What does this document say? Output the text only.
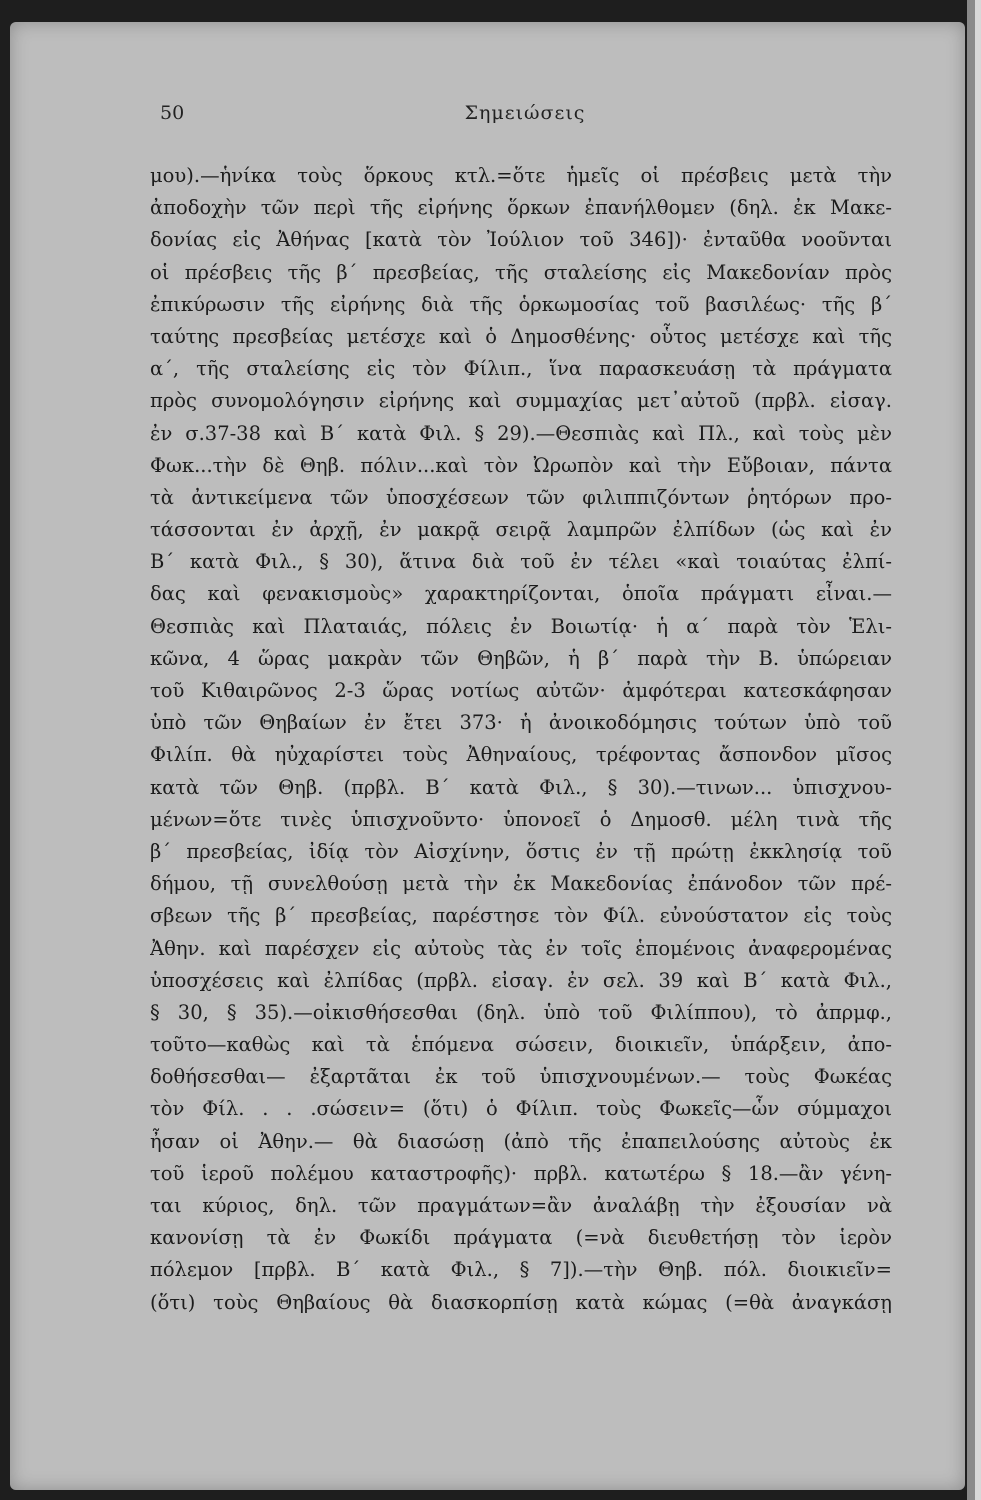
50	Σημειώσεις
μου).—ἡνίκα τοὺς ὅρκους κτλ.=ὅτε ἡμεῖς οἱ πρέσβεις μετὰ τὴν
ἀποδοχὴν τῶν περὶ τῆς εἰρήνης ὅρκων ἐπανήλθομεν (δηλ. ἐκ Μακε-
δονίας εἰς Ἀθήνας [κατὰ τὸν Ἰούλιον τοῦ 346])· ἐνταῦθα νοοῦνται
οἱ πρέσβεις τῆς β΄ πρεσβείας, τῆς σταλείσης εἰς Μακεδονίαν πρὸς
ἐπικύρωσιν τῆς εἰρήνης διὰ τῆς ὁρκωμοσίας τοῦ βασιλέως· τῆς β΄
ταύτης πρεσβείας μετέσχε καὶ ὁ Δημοσθένης· οὗτος μετέσχε καὶ τῆς
α΄, τῆς σταλείσης εἰς τὸν Φίλιπ., ἵνα παρασκευάσῃ τὰ πράγματα
πρὸς συνομολόγησιν εἰρήνης καὶ συμμαχίας μετ᾽αὐτοῦ (πρβλ. εἰσαγ.
ἐν σ.37-38 καὶ Β΄ κατὰ Φιλ. § 29).—Θεσπιὰς καὶ Πλ., καὶ τοὺς μὲν
Φωκ...τὴν δὲ Θηβ. πόλιν...καὶ τὸν Ὠρωπὸν καὶ τὴν Εὔβοιαν, πάντα
τὰ ἀντικείμενα τῶν ὑποσχέσεων τῶν φιλιππιζόντων ῥητόρων προ-
τάσσονται ἐν ἀρχῇ, ἐν μακρᾷ σειρᾷ λαμπρῶν ἐλπίδων (ὡς καὶ ἐν
Β΄ κατὰ Φιλ., § 30), ἅτινα διὰ τοῦ ἐν τέλει «καὶ τοιαύτας ἐλπί-
δας καὶ φενακισμοὺς» χαρακτηρίζονται, ὁποῖα πράγματι εἶναι.—
Θεσπιὰς καὶ Πλαταιάς, πόλεις ἐν Βοιωτίᾳ· ἡ α΄ παρὰ τὸν Ἑλι-
κῶνα, 4 ὥρας μακρὰν τῶν Θηβῶν, ἡ β΄ παρὰ τὴν Β. ὑπώρειαν
τοῦ Κιθαιρῶνος 2-3 ὥρας νοτίως αὐτῶν· ἀμφότεραι κατεσκάφησαν
ὑπὸ τῶν Θηβαίων ἐν ἔτει 373· ἡ ἀνοικοδόμησις τούτων ὑπὸ τοῦ
Φιλίπ. θὰ ηὐχαρίστει τοὺς Ἀθηναίους, τρέφοντας ἄσπονδον μῖσος
κατὰ τῶν Θηβ. (πρβλ. Β΄ κατὰ Φιλ., § 30).—τινων... ὑπισχνου-
μένων=ὅτε τινὲς ὑπισχνοῦντο· ὑπονοεῖ ὁ Δημοσθ. μέλη τινὰ τῆς
β΄ πρεσβείας, ἰδίᾳ τὸν Αἰσχίνην, ὅστις ἐν τῇ πρώτῃ ἐκκλησίᾳ τοῦ
δήμου, τῇ συνελθούσῃ μετὰ τὴν ἐκ Μακεδονίας ἐπάνοδον τῶν πρέ-
σβεων τῆς β΄ πρεσβείας, παρέστησε τὸν Φίλ. εὐνούστατον εἰς τοὺς
Ἀθην. καὶ παρέσχεν εἰς αὐτοὺς τὰς ἐν τοῖς ἑπομένοις ἀναφερομένας
ὑποσχέσεις καὶ ἐλπίδας (πρβλ. εἰσαγ. ἐν σελ. 39 καὶ Β΄ κατὰ Φιλ.,
§ 30, § 35).—οἰκισθήσεσθαι (δηλ. ὑπὸ τοῦ Φιλίππου), τὸ ἀπρμφ.,
τοῦτο—καθὼς καὶ τὰ ἑπόμενα σώσειν, διοικιεῖν, ὑπάρξειν, ἀπο-
δοθήσεσθαι— ἐξαρτᾶται ἐκ τοῦ ὑπισχνουμένων.— τοὺς Φωκέας
τὸν Φίλ. . . .σώσειν= (ὅτι) ὁ Φίλιπ. τοὺς Φωκεῖς—ὧν σύμμαχοι
ἦσαν οἱ Ἀθην.— θὰ διασώσῃ (ἀπὸ τῆς ἐπαπειλούσης αὐτοὺς ἐκ
τοῦ ἱεροῦ πολέμου καταστροφῆς)· πρβλ. κατωτέρω § 18.—ἂν γένη-
ται κύριος, δηλ. τῶν πραγμάτων=ἂν ἀναλάβῃ τὴν ἐξουσίαν νὰ
κανονίσῃ τὰ ἐν Φωκίδι πράγματα (=νὰ διευθετήσῃ τὸν ἱερὸν
πόλεμον [πρβλ. Β΄ κατὰ Φιλ., § 7]).—τὴν Θηβ. πόλ. διοικιεῖν=
(ὅτι) τοὺς Θηβαίους θὰ διασκορπίσῃ κατὰ κώμας (=θὰ ἀναγκάσῃ
